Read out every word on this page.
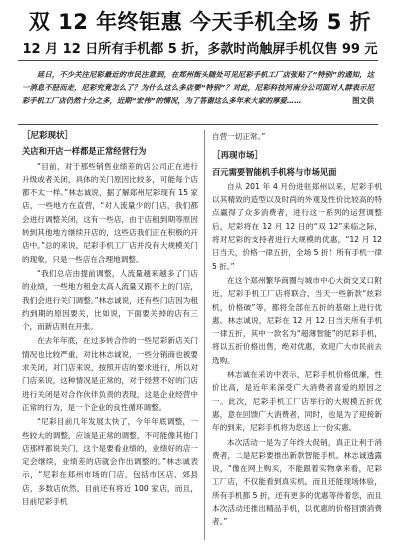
双 12 年终钜惠 今天手机全场 5 折
12 月 12 日所有手机都 5 折，多款时尚触屏手机仅售 99 元
延日，不少关注尼彩最近的市民注意到，在郑州街头随处可见尼彩手机工厂店张贴了“特别”的通知，这一消息不胫而走，尼彩究竟怎么了？为什么这么多店要“特别”？对此，尼彩科技河南分公司面对人群表示尼彩手机工厂店仍然十分之多，近期“宏伟”的情况，为了答谢这么多年来大家的厚爱……	图文供
［尼彩现状］
关店和开店一样都是正常经营行为

“目前，对于那些销售业绩差的店公司正在进行升级或者关闭，具体的关门原因比较多，可能每个店都不太一样。”林志诚说，据了解郑州尼彩现有 15 家店，一些地方在直营，“对人流量少的门店，我们都会进行调整关闭，这有一些店，由于店租到期等原因转到其他地方继续开店的，这些店我们正在积极的开店中。”总的来说，尼彩手机工厂店并没有大规模关门的现象，只是一些店在合理地调整。

“我们总店由提前调整，人流量越来越多了门店的业绩，一些地方租金太高人流量又跟不上的门店，我们会进行关门调整。”林志诚说，还有些门店因为租约到期的原因要关，比如说，下面要关掉的店有三个，而新店则在开张。

在去年年底，在过多转合作的一些尼彩新店关门情况也比较严重，对比林志诚说，一些分销商也被要求关闭，对门店来说，按照开店的要求进行，所以对门店来说，这种情况是正常的，对于经营不好的门店进行关闭是对合作伙伴负责的表现，这是企业经营中正常的行为，是一个企业的良性循环调整。

“尼彩目前几年发展太快了，今年年底调整，一些较大的调整，应该是正常的调整，不可能像其他门店那样都说关门，这个是要看业绩的，业绩好的店一定会继续，业绩差的店就会作出调整的。”林志诚表示，“尼彩在郑州市场的门店，包括市区店、郊县店，多数店依然，目前还有将近 100 家店，而且，目前尼彩手机

自营一切正常。”

［再现市场］
百元需要智能机手机将与市场见面

自从 201 年 4 月份进驻郑州以来，尼彩手机以其精致的造型以及时尚的外观及性价比较高的特点赢得了众多消费者，进行这一系列的运营调整后，尼彩将在 12 月 12 日的“双 12”来临之际，将对尼彩的支持者进行大规模的优惠，“12 月 12 日当天，价格一律五折，全场 5 折！所有手机一律 5 折。”

在这个郑州繁华商圈与城市中心大街交叉口附近，尼彩手机工厂店将联合，当天一些新款“炫彩机，价格破”等，都将全部在五折的基础上进行优惠。林志诚说，尼彩在 12 月 12 日当天所有手机一律五折，其中一款名为“超薄智能”的尼彩手机，将以五折价格出售，绝对优惠，欢迎广大市民前去选购。

林志诚在采访中表示，尼彩手机价格低廉，性价比高，是近年来深受广大消费者喜爱的原因之一。此次，尼彩手机工厂店举行的大规模五折优惠，意在回馈广大消费者，同时，也是为了迎接新年的到来，尼彩手机将为您送上一份实惠。

本次活动一是为了年终大促销，真正让利于消费者，二是尼彩要推出新款智能手机。林志诚透露说，“像在网上购买，不能跟着实物拿来看，尼彩工厂店，不仅能看到真实机，而且还能现场体验，所有手机都 5 折，还有更多的优惠等待着您，而且本次活动还推出精品手机，以优惠的价格回馈消费者。”
